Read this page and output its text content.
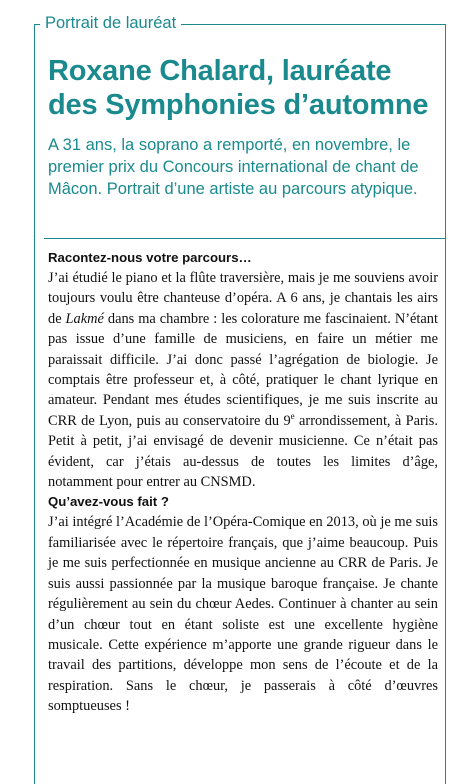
Portrait de lauréat
Roxane Chalard, lauréate des Symphonies d’automne

A 31 ans, la soprano a remporté, en novembre, le premier prix du Concours international de chant de Mâcon. Portrait d’une artiste au parcours atypique.

Racontez-nous votre parcours…

J’ai étudié le piano et la flûte traversière, mais je me souviens avoir toujours voulu être chanteuse d’opéra. A 6 ans, je chantais les airs de Lakmé dans ma chambre : les colorature me fascinaient. N’étant pas issue d’une famille de musiciens, en faire un métier me paraissait difficile. J’ai donc passé l’agrégation de biologie. Je comptais être professeur et, à côté, pratiquer le chant lyrique en amateur. Pendant mes études scientifiques, je me suis inscrite au CRR de Lyon, puis au conservatoire du 9e arrondissement, à Paris. Petit à petit, j’ai envisagé de devenir musicienne. Ce n’était pas évident, car j’étais au-dessus de toutes les limites d’âge, notamment pour entrer au CNSMD.

Qu’avez-vous fait ?

J’ai intégré l’Académie de l’Opéra-Comique en 2013, où je me suis familiarisée avec le répertoire français, que j’aime beaucoup. Puis je me suis perfectionnée en musique ancienne au CRR de Paris. Je suis aussi passionnée par la musique baroque française. Je chante régulièrement au sein du chœur Aedes. Continuer à chanter au sein d’un chœur tout en étant soliste est une excellente hygiène musicale. Cette expérience m’apporte une grande rigueur dans le travail des partitions, développe mon sens de l’écoute et de la respiration. Sans le chœur, je passerais à côté d’œuvres somptueuses !
